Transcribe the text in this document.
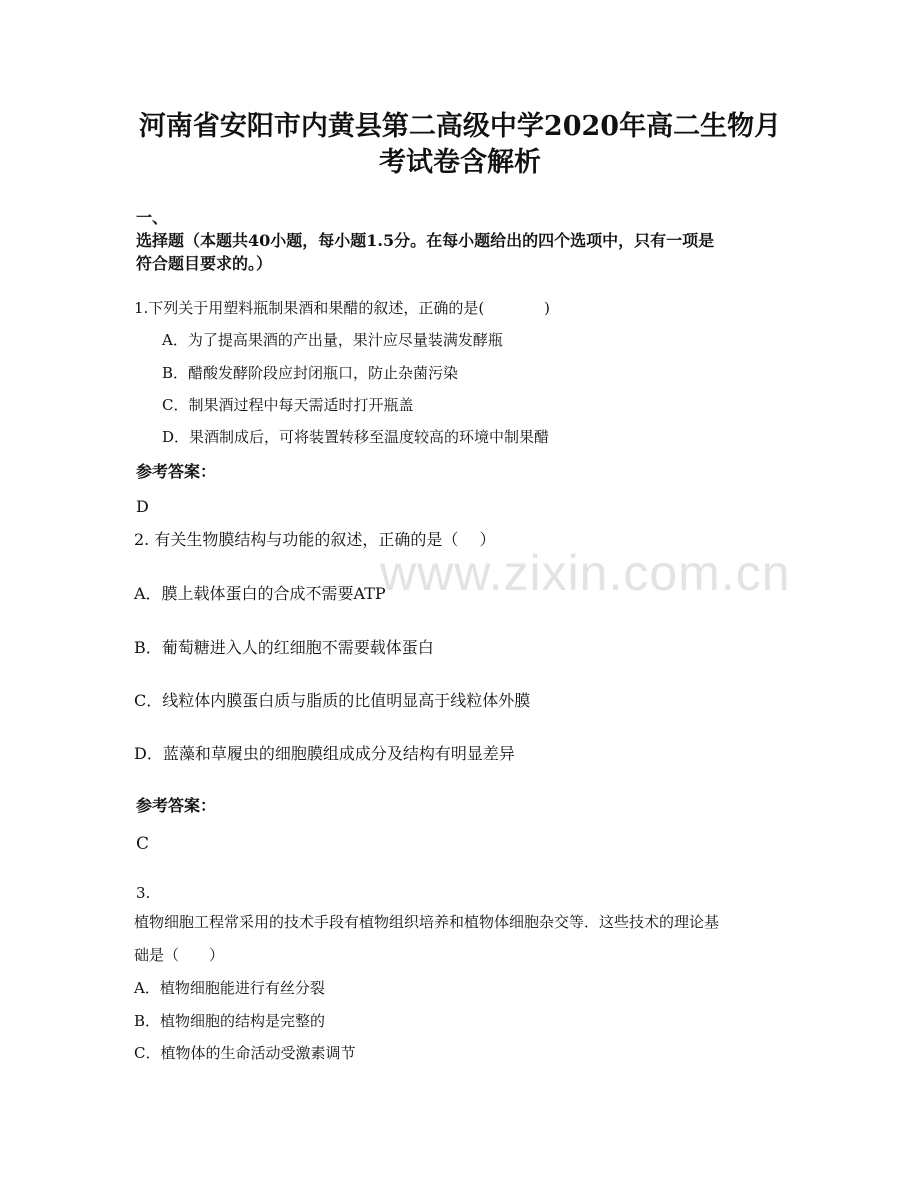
www.zixin.com.cn
河南省安阳市内黄县第二高级中学2020年高二生物月
考试卷含解析
一、
选择题（本题共40小题，每小题1.5分。在每小题给出的四个选项中，只有一项是
符合题目要求的。）
1.下列关于用塑料瓶制果酒和果醋的叙述，正确的是(　　　　)
A．为了提高果酒的产出量，果汁应尽量装满发酵瓶
B．醋酸发酵阶段应封闭瓶口，防止杂菌污染
C．制果酒过程中每天需适时打开瓶盖
D．果酒制成后，可将装置转移至温度较高的环境中制果醋
参考答案：
D
2. 有关生物膜结构与功能的叙述，正确的是（　 ）
A．膜上载体蛋白的合成不需要ATP
B．葡萄糖进入人的红细胞不需要载体蛋白
C．线粒体内膜蛋白质与脂质的比值明显高于线粒体外膜
D．蓝藻和草履虫的细胞膜组成成分及结构有明显差异
参考答案：
C
3.
植物细胞工程常采用的技术手段有植物组织培养和植物体细胞杂交等．这些技术的理论基
础是（　　）
A．植物细胞能进行有丝分裂
B．植物细胞的结构是完整的
C．植物体的生命活动受激素调节
